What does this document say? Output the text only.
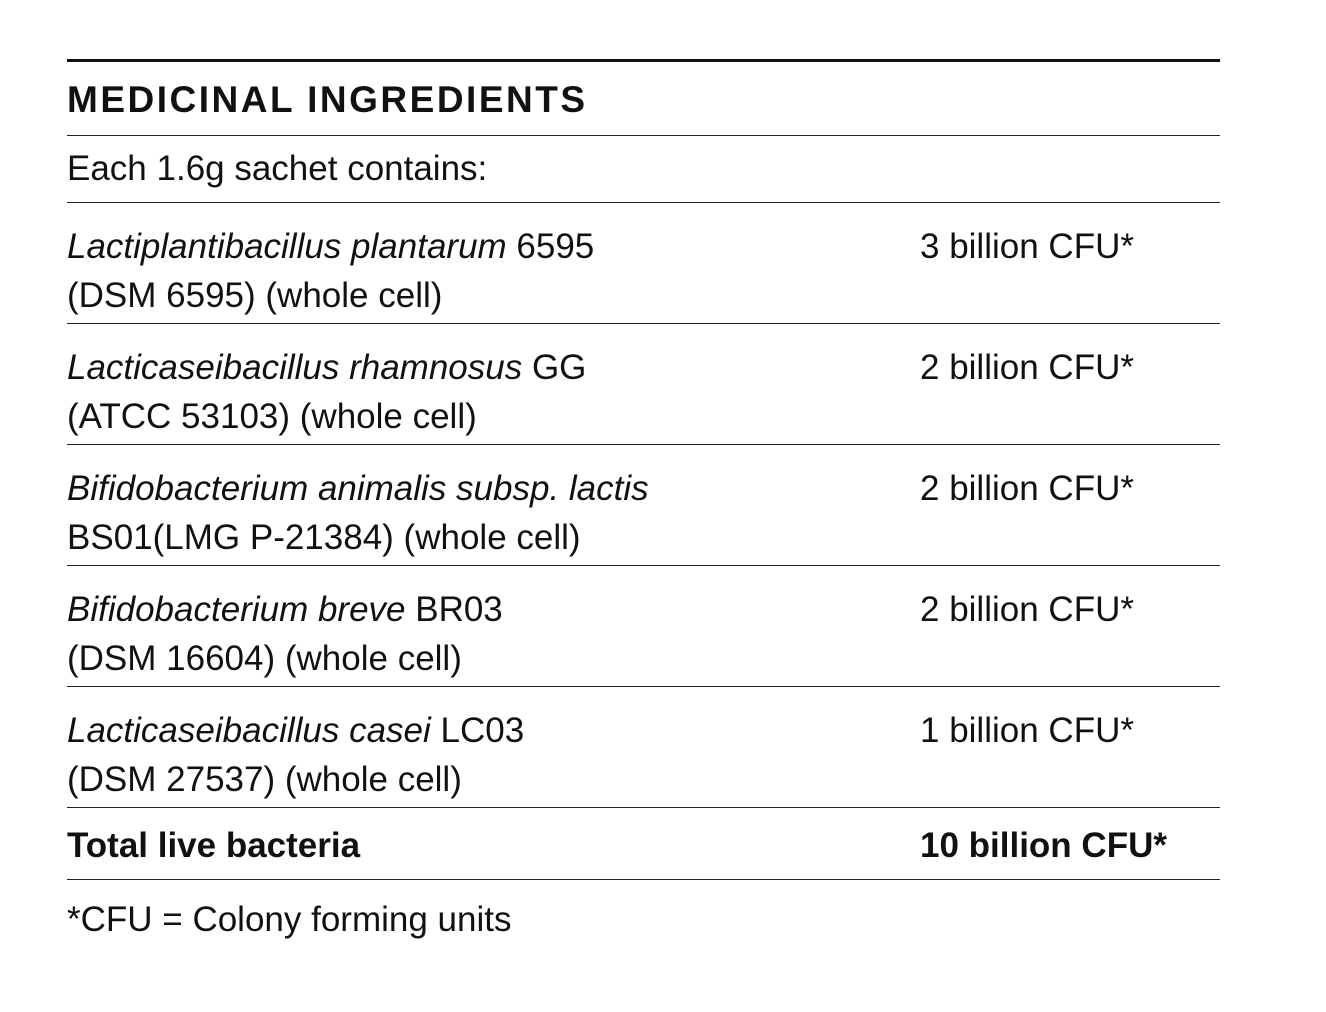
MEDICINAL INGREDIENTS
Each 1.6g sachet contains:
Lactiplantibacillus plantarum 6595
(DSM 6595) (whole cell)
3 billion CFU*
Lacticaseibacillus rhamnosus GG
(ATCC 53103) (whole cell)
2 billion CFU*
Bifidobacterium animalis subsp. lactis
BS01(LMG P-21384) (whole cell)
2 billion CFU*
Bifidobacterium breve BR03
(DSM 16604) (whole cell)
2 billion CFU*
Lacticaseibacillus casei LC03
(DSM 27537) (whole cell)
1 billion CFU*
Total live bacteria	10 billion CFU*
*CFU = Colony forming units
